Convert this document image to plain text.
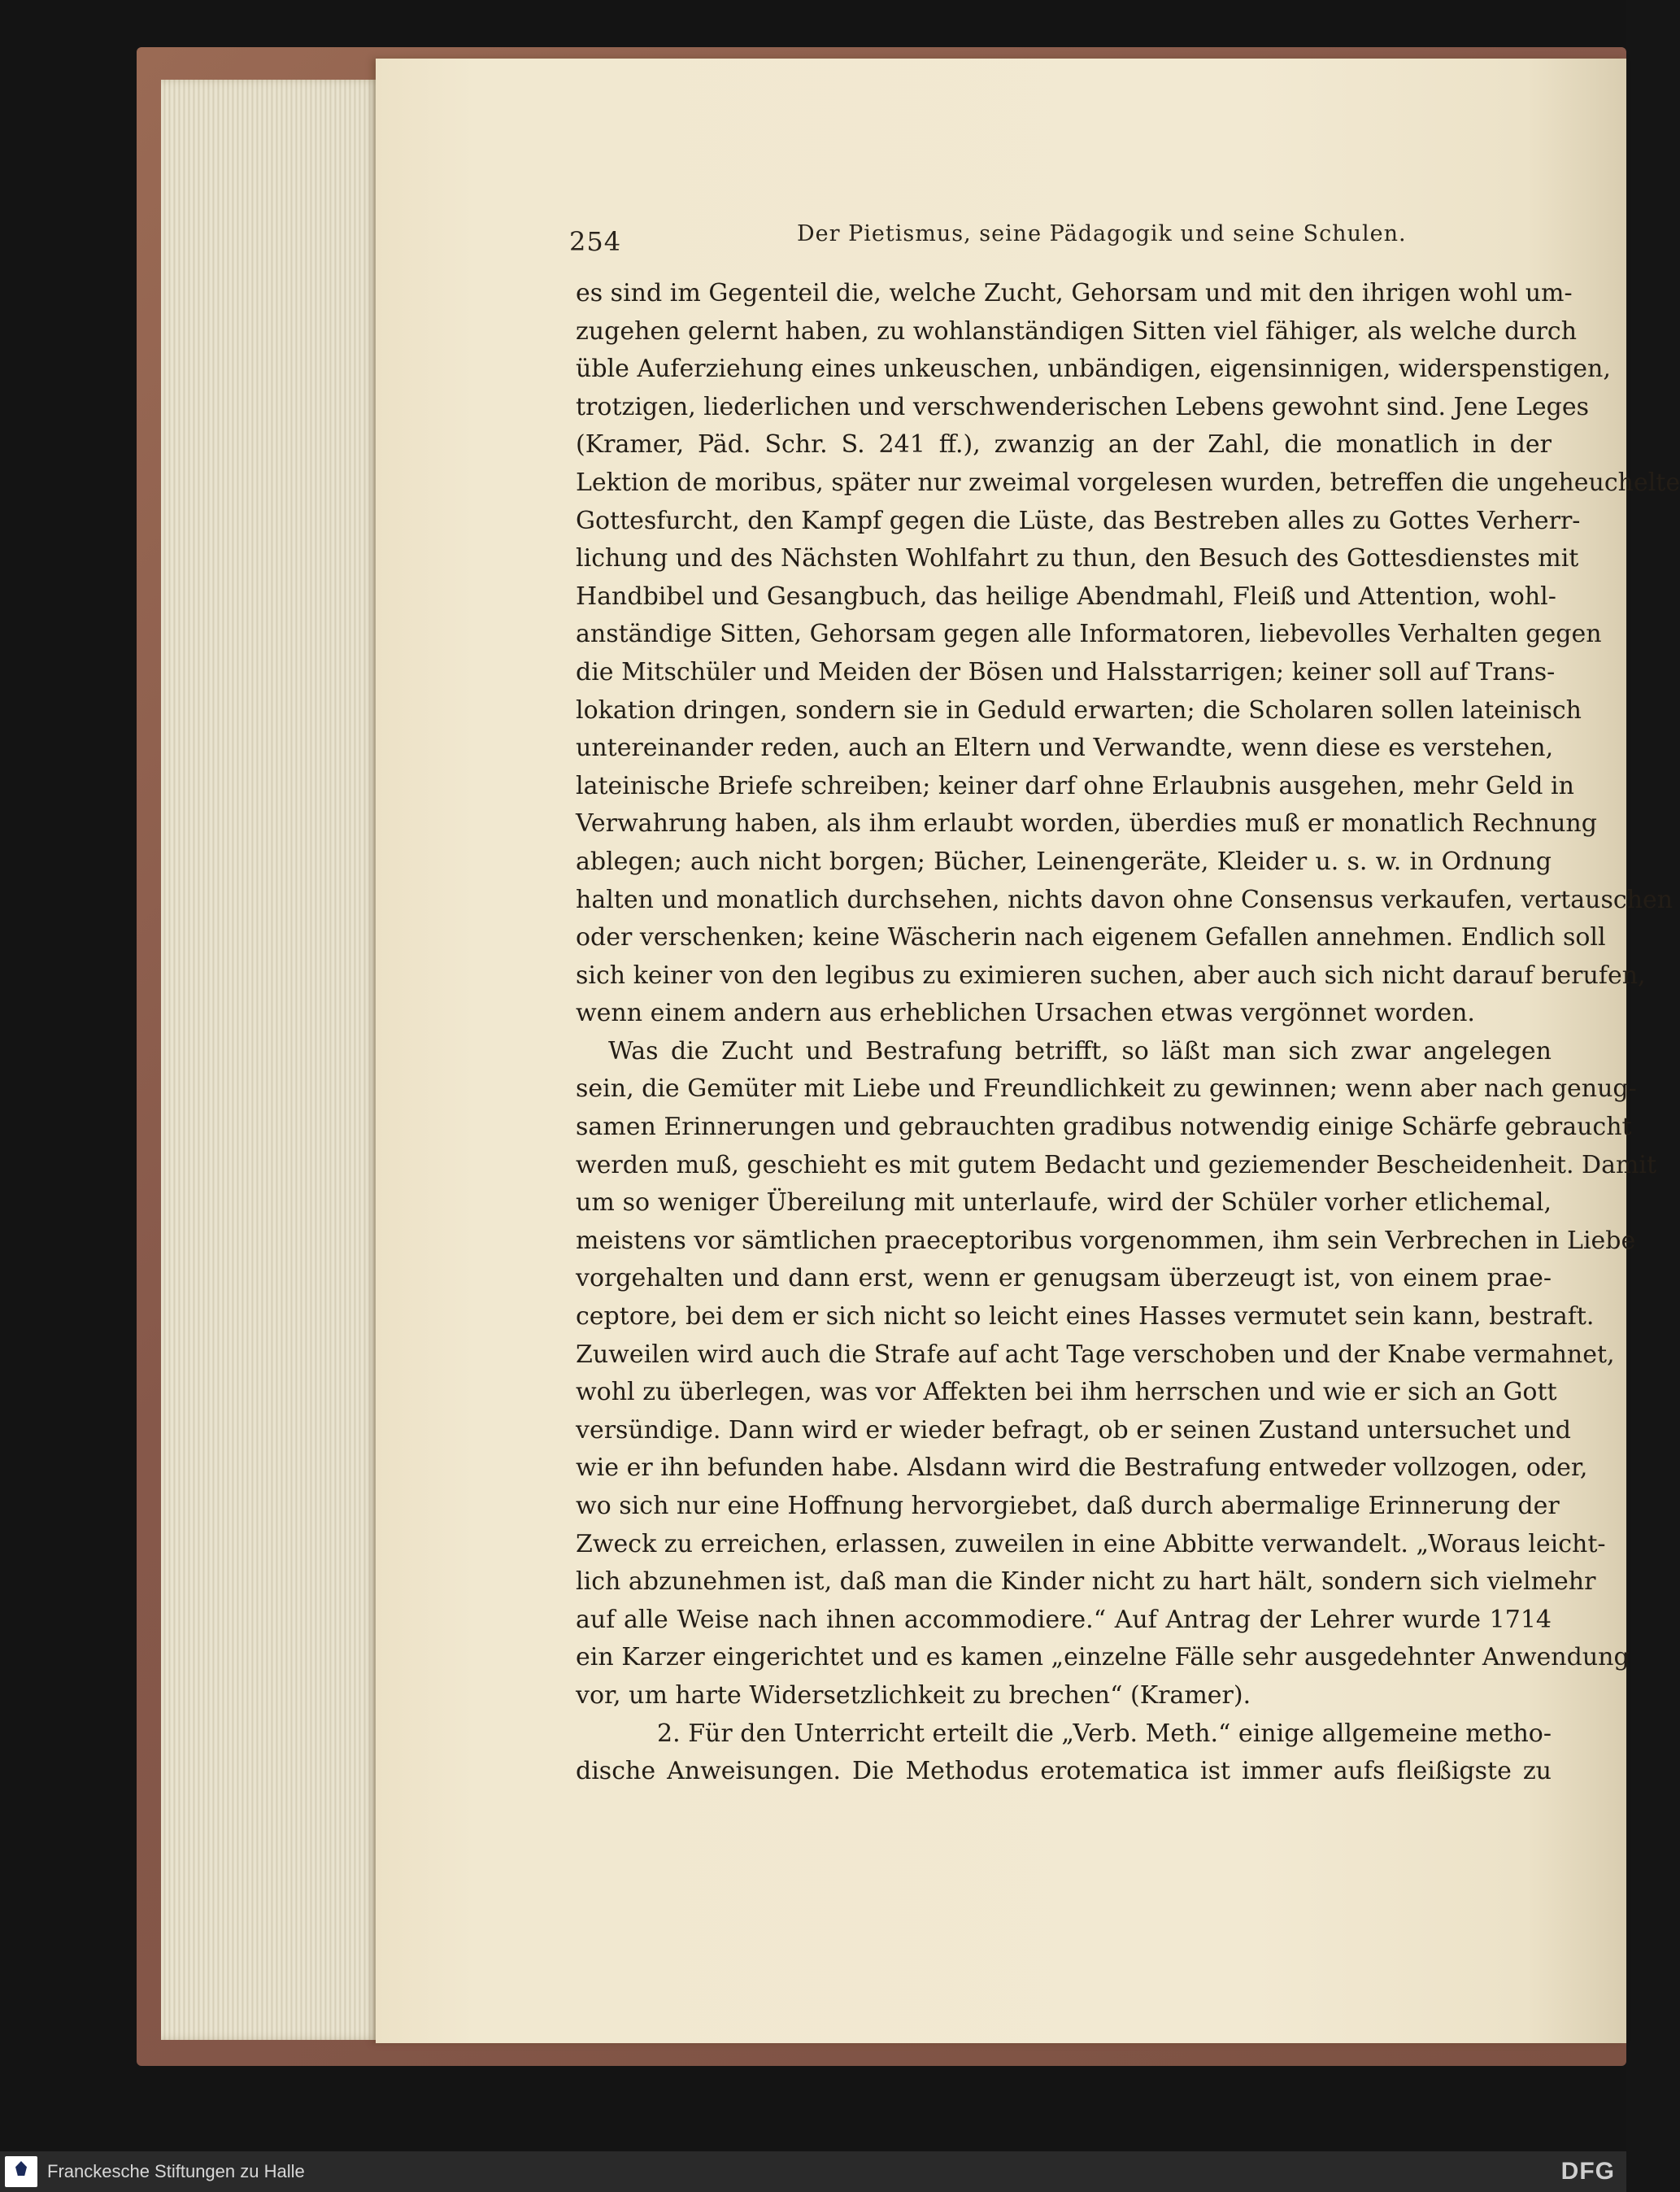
254	Der Pietismus, seine Pädagogik und seine Schulen.
es sind im Gegenteil die, welche Zucht, Gehorsam und mit den ihrigen wohl um-
zugehen gelernt haben, zu wohlanständigen Sitten viel fähiger, als welche durch
üble Auferziehung eines unkeuschen, unbändigen, eigensinnigen, widerspenstigen,
trotzigen, liederlichen und verschwenderischen Lebens gewohnt sind. Jene Leges
(Kramer, Päd. Schr. S. 241 ff.), zwanzig an der Zahl, die monatlich in der
Lektion de moribus, später nur zweimal vorgelesen wurden, betreffen die ungeheuchelte
Gottesfurcht, den Kampf gegen die Lüste, das Bestreben alles zu Gottes Verherr-
lichung und des Nächsten Wohlfahrt zu thun, den Besuch des Gottesdienstes mit
Handbibel und Gesangbuch, das heilige Abendmahl, Fleiß und Attention, wohl-
anständige Sitten, Gehorsam gegen alle Informatoren, liebevolles Verhalten gegen
die Mitschüler und Meiden der Bösen und Halsstarrigen; keiner soll auf Trans-
lokation dringen, sondern sie in Geduld erwarten; die Scholaren sollen lateinisch
untereinander reden, auch an Eltern und Verwandte, wenn diese es verstehen,
lateinische Briefe schreiben; keiner darf ohne Erlaubnis ausgehen, mehr Geld in
Verwahrung haben, als ihm erlaubt worden, überdies muß er monatlich Rechnung
ablegen; auch nicht borgen; Bücher, Leinengeräte, Kleider u. s. w. in Ordnung
halten und monatlich durchsehen, nichts davon ohne Consensus verkaufen, vertauschen
oder verschenken; keine Wäscherin nach eigenem Gefallen annehmen. Endlich soll
sich keiner von den legibus zu eximieren suchen, aber auch sich nicht darauf berufen,
wenn einem andern aus erheblichen Ursachen etwas vergönnet worden.
Was die Zucht und Bestrafung betrifft, so läßt man sich zwar angelegen
sein, die Gemüter mit Liebe und Freundlichkeit zu gewinnen; wenn aber nach genug-
samen Erinnerungen und gebrauchten gradibus notwendig einige Schärfe gebraucht
werden muß, geschieht es mit gutem Bedacht und geziemender Bescheidenheit. Damit
um so weniger Übereilung mit unterlaufe, wird der Schüler vorher etlichemal,
meistens vor sämtlichen praeceptoribus vorgenommen, ihm sein Verbrechen in Liebe
vorgehalten und dann erst, wenn er genugsam überzeugt ist, von einem prae-
ceptore, bei dem er sich nicht so leicht eines Hasses vermutet sein kann, bestraft.
Zuweilen wird auch die Strafe auf acht Tage verschoben und der Knabe vermahnet,
wohl zu überlegen, was vor Affekten bei ihm herrschen und wie er sich an Gott
versündige. Dann wird er wieder befragt, ob er seinen Zustand untersuchet und
wie er ihn befunden habe. Alsdann wird die Bestrafung entweder vollzogen, oder,
wo sich nur eine Hoffnung hervorgiebet, daß durch abermalige Erinnerung der
Zweck zu erreichen, erlassen, zuweilen in eine Abbitte verwandelt. „Woraus leicht-
lich abzunehmen ist, daß man die Kinder nicht zu hart hält, sondern sich vielmehr
auf alle Weise nach ihnen accommodiere.“ Auf Antrag der Lehrer wurde 1714
ein Karzer eingerichtet und es kamen „einzelne Fälle sehr ausgedehnter Anwendung
vor, um harte Widersetzlichkeit zu brechen“ (Kramer).
2. Für den Unterricht erteilt die „Verb. Meth.“ einige allgemeine metho-
dische Anweisungen. Die Methodus erotematica ist immer aufs fleißigste zu
Franckesche Stiftungen zu Halle	DFG
